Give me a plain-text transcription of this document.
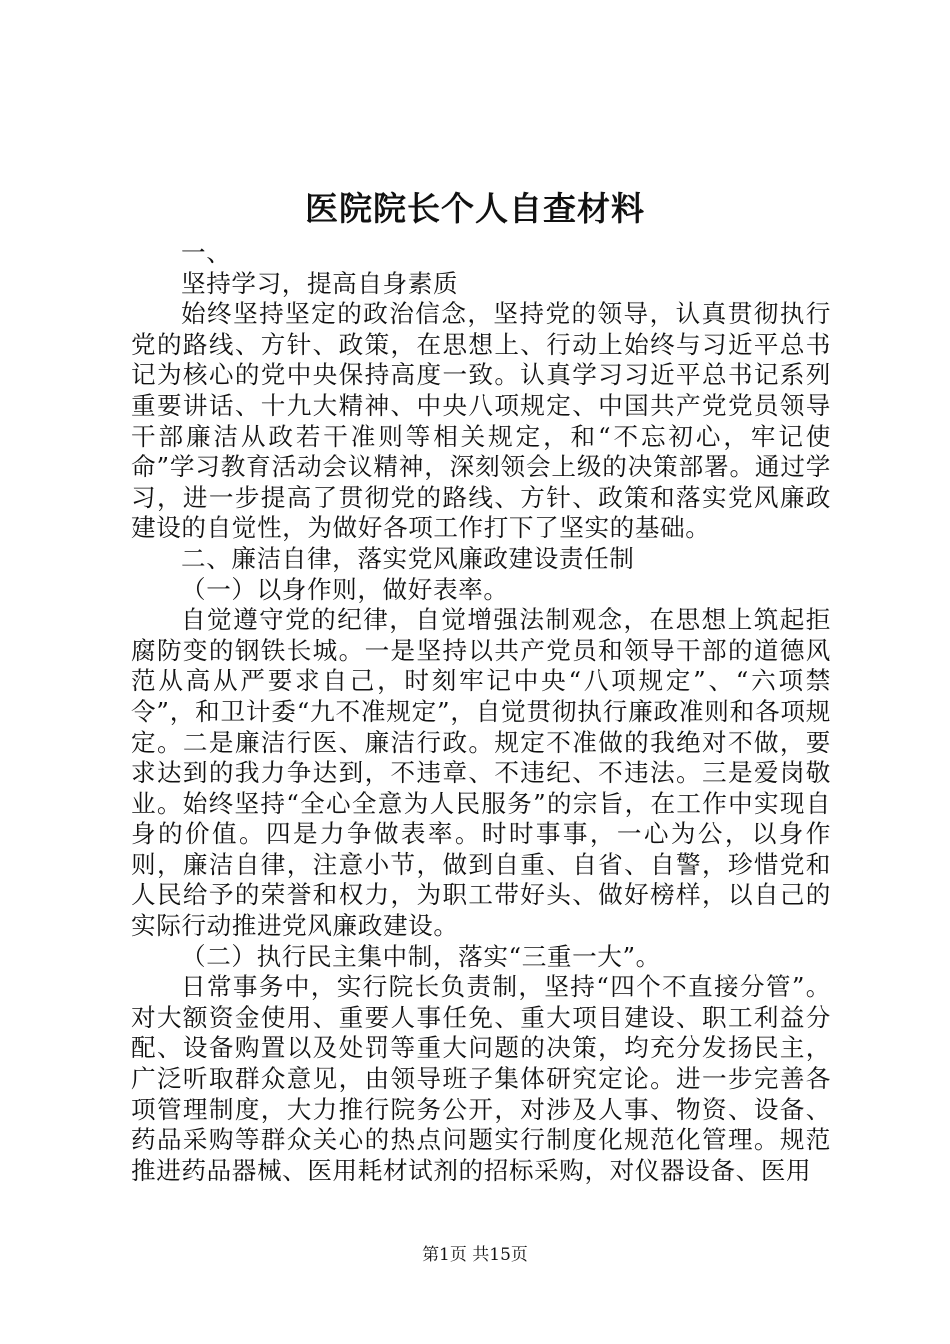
医院院长个人自查材料

一、

坚持学习，提高自身素质

始终坚持坚定的政治信念，坚持党的领导，认真贯彻执行党的路线、方针、政策，在思想上、行动上始终与习近平总书记为核心的党中央保持高度一致。认真学习习近平总书记系列重要讲话、十九大精神、中央八项规定、中国共产党党员领导干部廉洁从政若干准则等相关规定，和“不忘初心，牢记使命”学习教育活动会议精神，深刻领会上级的决策部署。通过学习，进一步提高了贯彻党的路线、方针、政策和落实党风廉政建设的自觉性，为做好各项工作打下了坚实的基础。

二、廉洁自律，落实党风廉政建设责任制

（一）以身作则，做好表率。

自觉遵守党的纪律，自觉增强法制观念，在思想上筑起拒腐防变的钢铁长城。一是坚持以共产党员和领导干部的道德风范从高从严要求自己，时刻牢记中央“八项规定”、“六项禁令”，和卫计委“九不准规定”，自觉贯彻执行廉政准则和各项规定。二是廉洁行医、廉洁行政。规定不准做的我绝对不做，要求达到的我力争达到，不违章、不违纪、不违法。三是爱岗敬业。始终坚持“全心全意为人民服务”的宗旨，在工作中实现自身的价值。四是力争做表率。时时事事，一心为公，以身作则，廉洁自律，注意小节，做到自重、自省、自警，珍惜党和人民给予的荣誉和权力，为职工带好头、做好榜样，以自己的实际行动推进党风廉政建设。

（二）执行民主集中制，落实“三重一大”。

日常事务中，实行院长负责制，坚持“四个不直接分管”。对大额资金使用、重要人事任免、重大项目建设、职工利益分配、设备购置以及处罚等重大问题的决策，均充分发扬民主，广泛听取群众意见，由领导班子集体研究定论。进一步完善各项管理制度，大力推行院务公开，对涉及人事、物资、设备、药品采购等群众关心的热点问题实行制度化规范化管理。规范推进药品器械、医用耗材试剂的招标采购，对仪器设备、医用

第1页 共15页
